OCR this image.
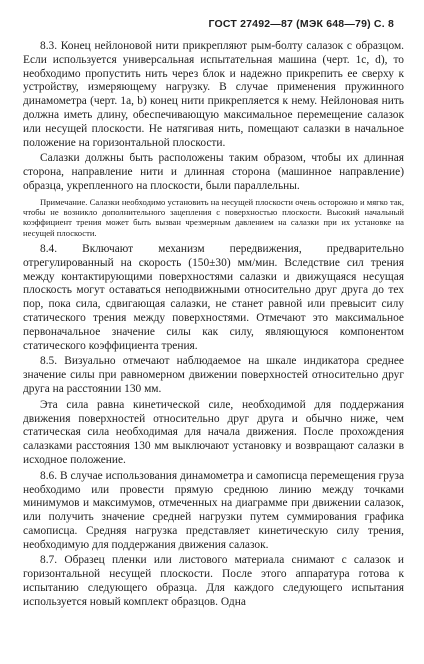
ГОСТ 27492—87 (МЭК 648—79) С. 8

8.3. Конец нейлоновой нити прикрепляют рым-болту салазок с образцом. Если используется универсальная испытательная машина (черт. 1c, d), то необходимо пропустить нить через блок и надежно прикрепить ее сверху к устройству, измеряющему нагрузку. В случае применения пружинного динамометра (черт. 1a, b) конец нити прикрепляется к нему. Нейлоновая нить должна иметь длину, обеспечивающую максимальное перемещение салазок или несущей плоскости. Не натягивая нить, помещают салазки в начальное положение на горизонтальной плоскости.

Салазки должны быть расположены таким образом, чтобы их длинная сторона, направление нити и длинная сторона (машинное направление) образца, укрепленного на плоскости, были параллельны.

Примечание. Салазки необходимо установить на несущей плоскости очень осторожно и мягко так, чтобы не возникло дополнительного зацепления с поверхностью плоскости. Высокий начальный коэффициент трения может быть вызван чрезмерным давлением на салазки при их установке на несущей плоскости.

8.4. Включают механизм передвижения, предварительно отрегулированный на скорость (150±30) мм/мин. Вследствие сил трения между контактирующими поверхностями салазки и движущаяся несущая плоскость могут оставаться неподвижными относительно друг друга до тех пор, пока сила, сдвигающая салазки, не станет равной или превысит силу статического трения между поверхностями. Отмечают это максимальное первоначальное значение силы как силу, являющуюся компонентом статического коэффициента трения.

8.5. Визуально отмечают наблюдаемое на шкале индикатора среднее значение силы при равномерном движении поверхностей относительно друг друга на расстоянии 130 мм.

Эта сила равна кинетической силе, необходимой для поддержания движения поверхностей относительно друг друга и обычно ниже, чем статическая сила необходимая для начала движения. После прохождения салазками расстояния 130 мм выключают установку и возвращают салазки в исходное положение.

8.6. В случае использования динамометра и самописца перемещения груза необходимо или провести прямую среднюю линию между точками минимумов и максимумов, отмеченных на диаграмме при движении салазок, или получить значение средней нагрузки путем суммирования графика самописца. Средняя нагрузка представляет кинетическую силу трения, необходимую для поддержания движения салазок.

8.7. Образец пленки или листового материала снимают с салазок и горизонтальной несущей плоскости. После этого аппаратура готова к испытанию следующего образца. Для каждого следующего испытания используется новый комплект образцов. Одна
